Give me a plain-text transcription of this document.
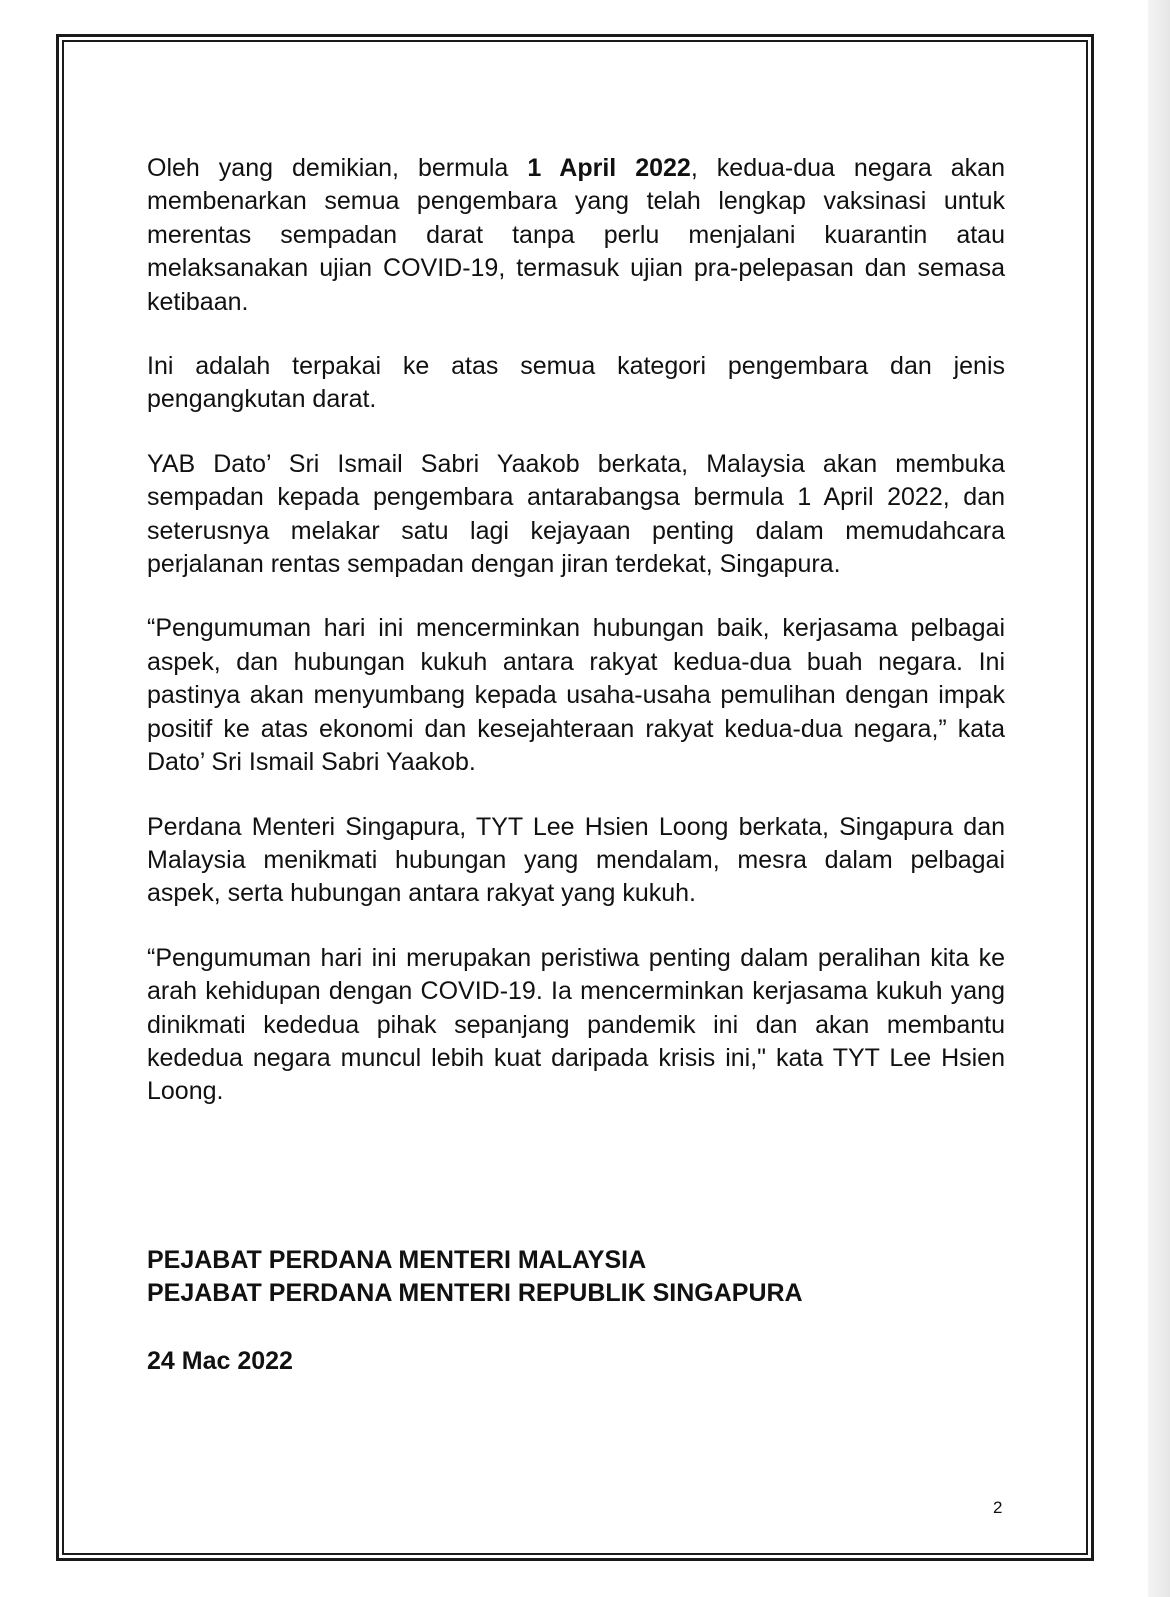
Oleh yang demikian, bermula 1 April 2022, kedua-dua negara akan membenarkan semua pengembara yang telah lengkap vaksinasi untuk merentas sempadan darat tanpa perlu menjalani kuarantin atau melaksanakan ujian COVID-19, termasuk ujian pra-pelepasan dan semasa ketibaan.

Ini adalah terpakai ke atas semua kategori pengembara dan jenis pengangkutan darat.

YAB Dato’ Sri Ismail Sabri Yaakob berkata, Malaysia akan membuka sempadan kepada pengembara antarabangsa bermula 1 April 2022, dan seterusnya melakar satu lagi kejayaan penting dalam memudahcara perjalanan rentas sempadan dengan jiran terdekat, Singapura.

“Pengumuman hari ini mencerminkan hubungan baik, kerjasama pelbagai aspek, dan hubungan kukuh antara rakyat kedua-dua buah negara. Ini pastinya akan menyumbang kepada usaha-usaha pemulihan dengan impak positif ke atas ekonomi dan kesejahteraan rakyat kedua-dua negara,” kata Dato’ Sri Ismail Sabri Yaakob.

Perdana Menteri Singapura, TYT Lee Hsien Loong berkata, Singapura dan Malaysia menikmati hubungan yang mendalam, mesra dalam pelbagai aspek, serta hubungan antara rakyat yang kukuh.

“Pengumuman hari ini merupakan peristiwa penting dalam peralihan kita ke arah kehidupan dengan COVID-19. Ia mencerminkan kerjasama kukuh yang dinikmati kededua pihak sepanjang pandemik ini dan akan membantu kededua negara muncul lebih kuat daripada krisis ini," kata TYT Lee Hsien Loong.

PEJABAT PERDANA MENTERI MALAYSIA
PEJABAT PERDANA MENTERI REPUBLIK SINGAPURA
24 Mac 2022
2
